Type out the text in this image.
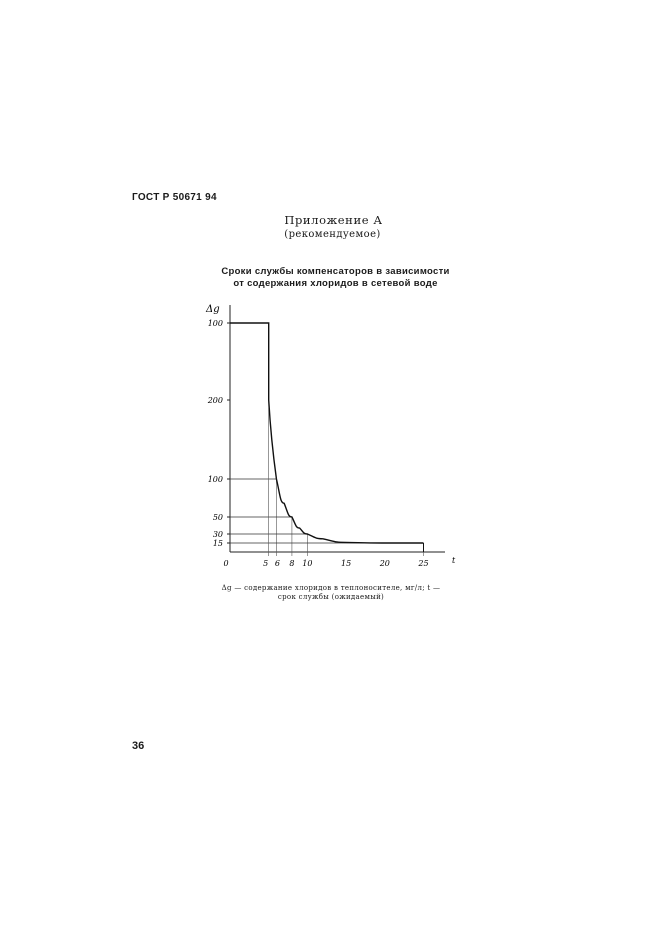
ГОСТ Р 50671 94
Приложение А
(рекомендуемое)
Сроки службы компенсаторов в зависимости
от содержания хлоридов в сетевой воде
Δg
t
15
30
50
100
200
100
0	5 6 8 10	15	20	25
Δg — содержание хлоридов в теплоносителе, мг/л; t —
срок службы (ожидаемый)
36
